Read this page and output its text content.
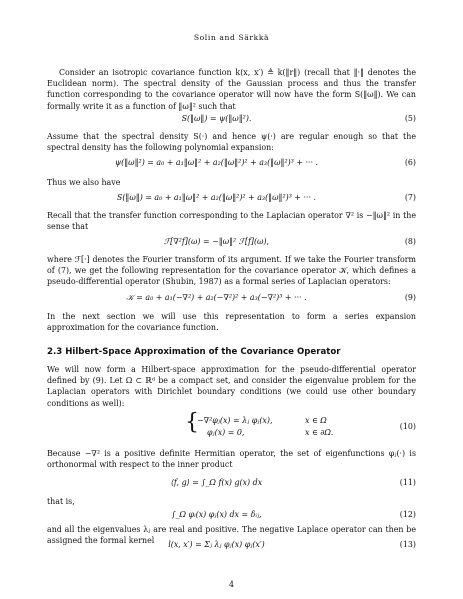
Solin and Särkkä
Consider an isotropic covariance function k(x, x′) ≜ k(‖r‖) (recall that ‖·‖ denotes the Euclidean norm). The spectral density of the Gaussian process and thus the transfer function corresponding to the covariance operator will now have the form S(‖ω‖). We can formally write it as a function of ‖ω‖² such that
S(‖ω‖) = ψ(‖ω‖²).	(5)
Assume that the spectral density S(·) and hence ψ(·) are regular enough so that the spectral density has the following polynomial expansion:
ψ(‖ω‖²) = a₀ + a₁‖ω‖² + a₂(‖ω‖²)² + a₃(‖ω‖²)³ + ··· .	(6)
Thus we also have
S(‖ω‖) = a₀ + a₁‖ω‖² + a₂(‖ω‖²)² + a₃(‖ω‖²)³ + ··· .	(7)
Recall that the transfer function corresponding to the Laplacian operator ∇² is −‖ω‖² in the sense that
ℱ[∇²f](ω) = −‖ω‖² ℱ[f](ω),	(8)
where ℱ[·] denotes the Fourier transform of its argument. If we take the Fourier transform of (7), we get the following representation for the covariance operator 𝒦, which defines a pseudo-differential operator (Shubin, 1987) as a formal series of Laplacian operators:
𝒦 = a₀ + a₁(−∇²) + a₂(−∇²)² + a₃(−∇²)³ + ··· .	(9)
In the next section we will use this representation to form a series expansion approximation for the covariance function.
2.3 Hilbert-Space Approximation of the Covariance Operator
We will now form a Hilbert-space approximation for the pseudo-differential operator defined by (9). Let Ω ⊂ ℝᵈ be a compact set, and consider the eigenvalue problem for the Laplacian operators with Dirichlet boundary conditions (we could use other boundary conditions as well):
{
−∇²φⱼ(x) = λⱼ φⱼ(x),	x ∈ Ω
φⱼ(x) = 0,	x ∈ ∂Ω.
(10)
Because −∇² is a positive definite Hermitian operator, the set of eigenfunctions φⱼ(·) is orthonormal with respect to the inner product
⟨f, g⟩ = ∫_Ω f(x) g(x) dx	(11)
that is,
∫_Ω φᵢ(x) φⱼ(x) dx = δᵢⱼ,	(12)
and all the eigenvalues λⱼ are real and positive. The negative Laplace operator can then be assigned the formal kernel	l(x, x′) = Σⱼ λⱼ φⱼ(x) φⱼ(x′)	(13)
4
